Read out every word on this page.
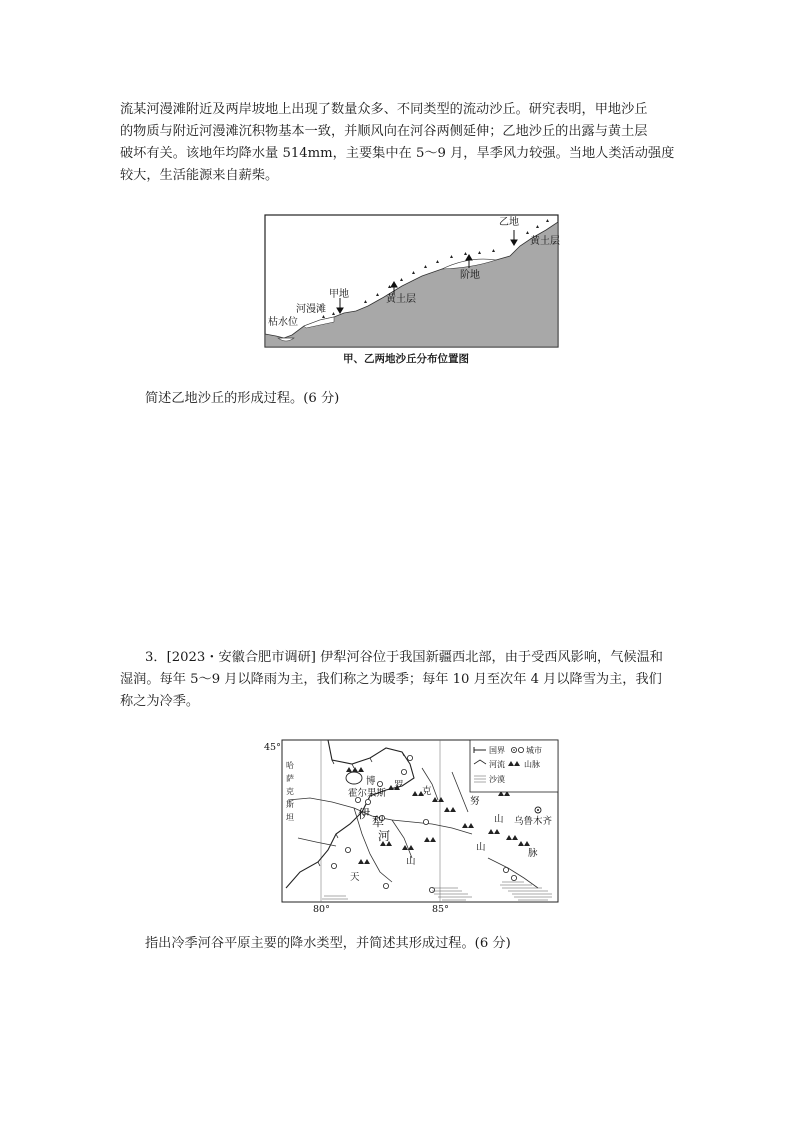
流某河漫滩附近及两岸坡地上出现了数量众多、不同类型的流动沙丘。研究表明，甲地沙丘
的物质与附近河漫滩沉积物基本一致，并顺风向在河谷两侧延伸；乙地沙丘的出露与黄土层
破坏有关。该地年均降水量 514mm，主要集中在 5～9 月，旱季风力较强。当地人类活动强度
较大，生活能源来自薪柴。

乙地
黄土层
阶地
甲地	黄土层
河漫滩
枯水位
甲、乙两地沙丘分布位置图

简述乙地沙丘的形成过程。(6 分)

3．[2023・安徽合肥市调研] 伊犁河谷位于我国新疆西北部，由于受西风影响，气候温和
湿润。每年 5～9 月以降雨为主，我们称之为暖季；每年 10 月至次年 4 月以降雪为主，我们
称之为冷季。

国界	城市
河流 山脉
沙漠
45°
80°	85°
博 罗
克
霍尔果斯
伊
犁
河
天
山
努
山
山
脉
乌鲁木齐
哈萨克斯坦

指出冷季河谷平原主要的降水类型，并简述其形成过程。(6 分)
